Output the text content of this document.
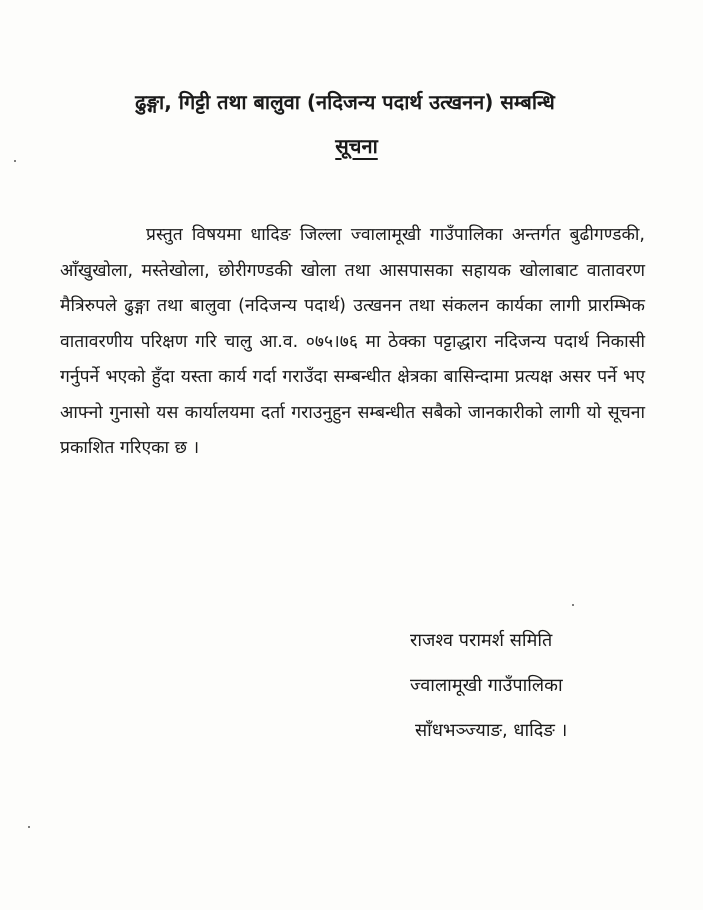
ढुङ्गा, गिट्टी तथा बालुवा (नदिजन्य पदार्थ उत्खनन) सम्बन्धि
सूचना

प्रस्तुत विषयमा धादिङ जिल्ला ज्वालामूखी गाउँपालिका अन्तर्गत बुढीगण्डकी, आँखुखोला, मस्तेखोला, छोरीगण्डकी खोला तथा आसपासका सहायक खोलाबाट वातावरण मैत्रिरुपले ढुङ्गा तथा बालुवा (नदिजन्य पदार्थ) उत्खनन तथा संकलन कार्यका लागी प्रारम्भिक वातावरणीय परिक्षण गरि चालु आ.व. ०७५।७६ मा ठेक्का पट्टाद्धारा नदिजन्य पदार्थ निकासी गर्नुपर्ने भएको हुँदा यस्ता कार्य गर्दा गराउँदा सम्बन्धीत क्षेत्रका बासिन्दामा प्रत्यक्ष असर पर्ने भए आफ्नो गुनासो यस कार्यालयमा दर्ता गराउनुहुन सम्बन्धीत सबैको जानकारीको लागी यो सूचना प्रकाशित गरिएका छ ।

राजश्व परामर्श समिति
ज्वालामूखी गाउँपालिका
साँधभञ्ज्याङ, धादिङ ।
